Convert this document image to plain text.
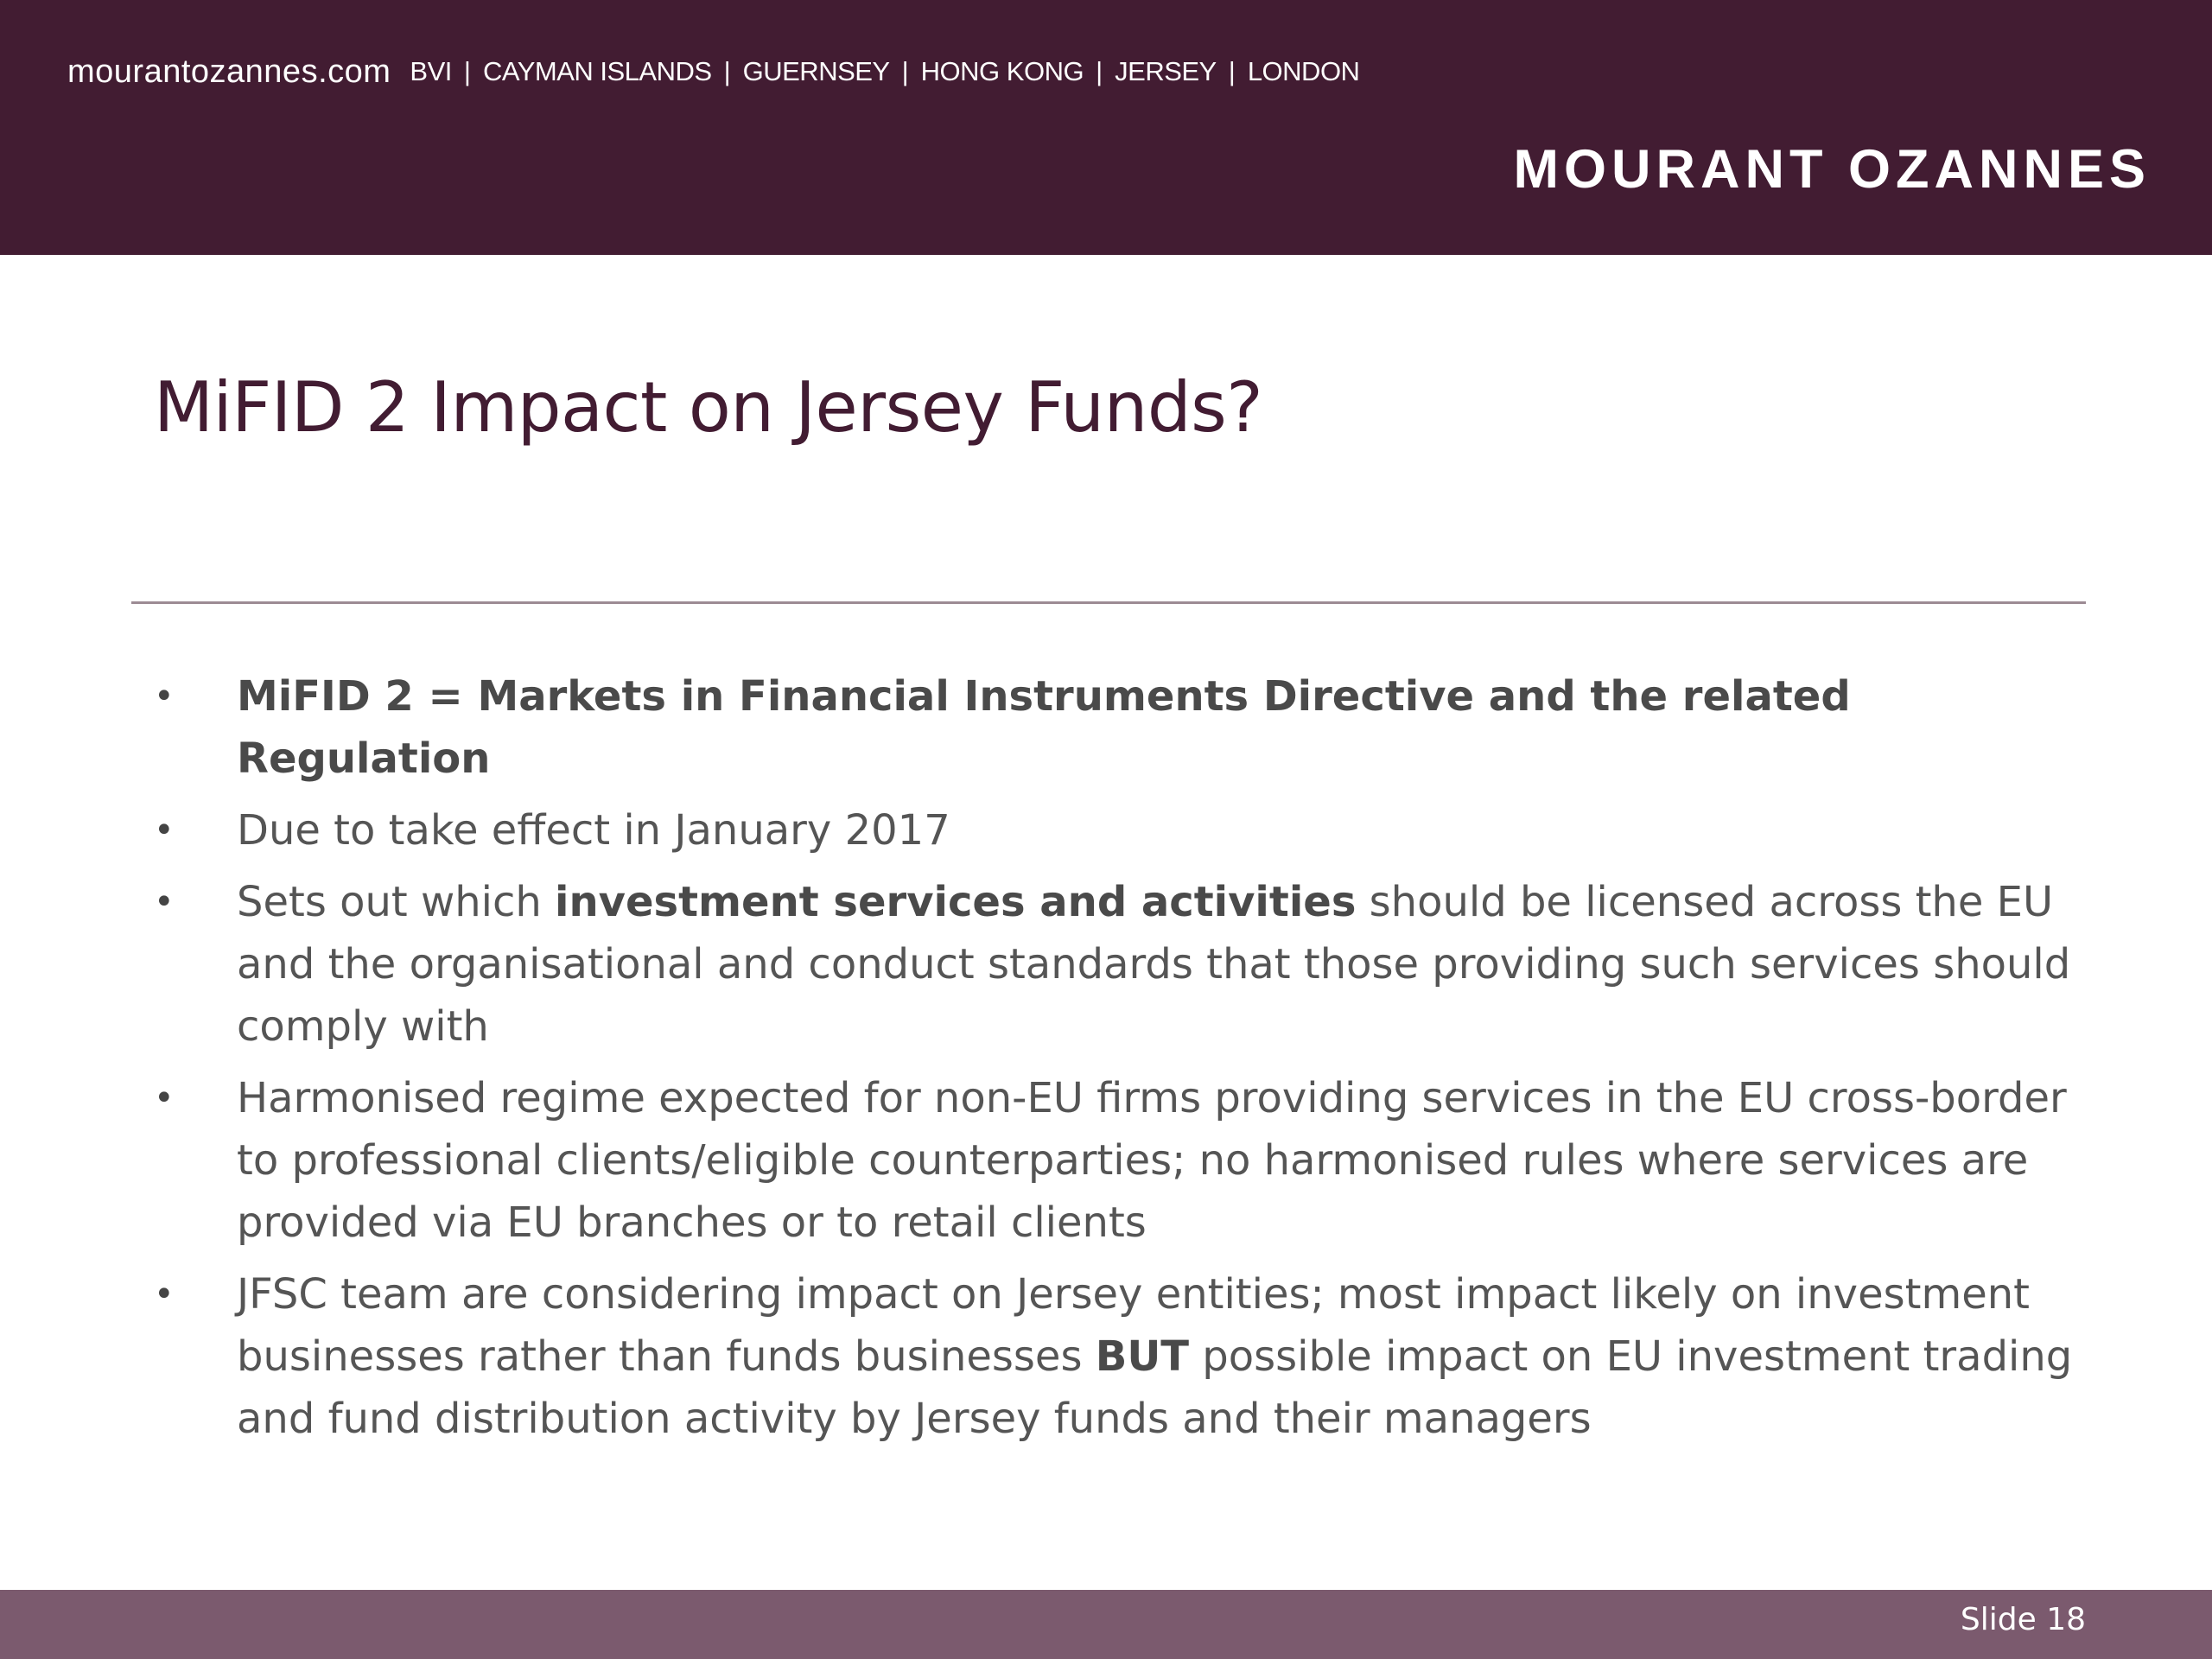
mourantozannes.com BVI | CAYMAN ISLANDS | GUERNSEY | HONG KONG | JERSEY | LONDON
MOURANT OZANNES
MiFID 2 Impact on Jersey Funds?
•	MiFID 2 = Markets in Financial Instruments Directive and the related Regulation
•	Due to take effect in January 2017
•	Sets out which investment services and activities should be licensed across the EU and the organisational and conduct standards that those providing such services should comply with
•	Harmonised regime expected for non-EU firms providing services in the EU cross-border to professional clients/eligible counterparties; no harmonised rules where services are provided via EU branches or to retail clients
•	JFSC team are considering impact on Jersey entities; most impact likely on investment businesses rather than funds businesses BUT possible impact on EU investment trading and fund distribution activity by Jersey funds and their managers
Slide 18
